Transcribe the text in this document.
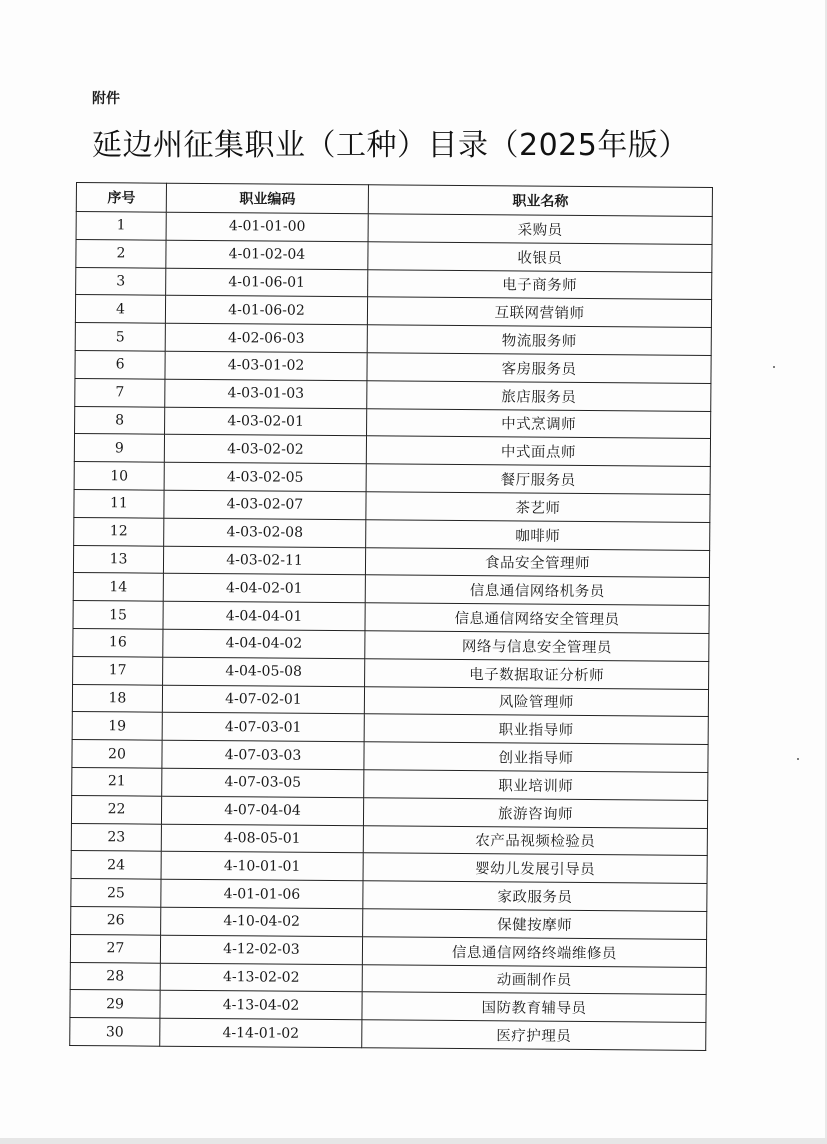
附件
延边州征集职业（工种）目录（2025年版）
序号	职业编码	职业名称
1	4-01-01-00	采购员
2	4-01-02-04	收银员
3	4-01-06-01	电子商务师
4	4-01-06-02	互联网营销师
5	4-02-06-03	物流服务师
6	4-03-01-02	客房服务员
7	4-03-01-03	旅店服务员
8	4-03-02-01	中式烹调师
9	4-03-02-02	中式面点师
10	4-03-02-05	餐厅服务员
11	4-03-02-07	茶艺师
12	4-03-02-08	咖啡师
13	4-03-02-11	食品安全管理师
14	4-04-02-01	信息通信网络机务员
15	4-04-04-01	信息通信网络安全管理员
16	4-04-04-02	网络与信息安全管理员
17	4-04-05-08	电子数据取证分析师
18	4-07-02-01	风险管理师
19	4-07-03-01	职业指导师
20	4-07-03-03	创业指导师
21	4-07-03-05	职业培训师
22	4-07-04-04	旅游咨询师
23	4-08-05-01	农产品视频检验员
24	4-10-01-01	婴幼儿发展引导员
25	4-01-01-06	家政服务员
26	4-10-04-02	保健按摩师
27	4-12-02-03	信息通信网络终端维修员
28	4-13-02-02	动画制作员
29	4-13-04-02	国防教育辅导员
30	4-14-01-02	医疗护理员
